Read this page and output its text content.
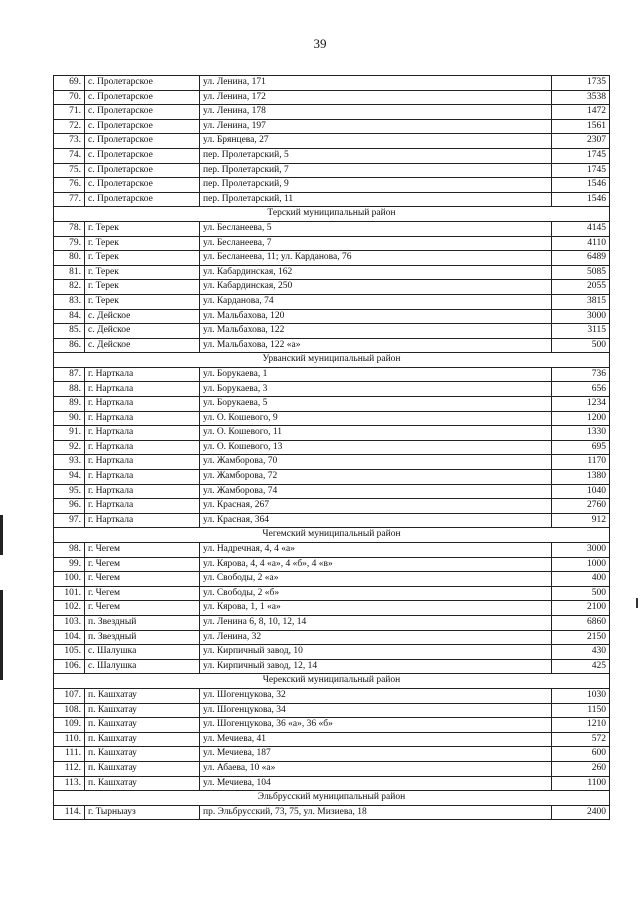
39
69.	с. Пролетарское	ул. Ленина, 171	1735
70.	с. Пролетарское	ул. Ленина, 172	3538
71.	с. Пролетарское	ул. Ленина, 178	1472
72.	с. Пролетарское	ул. Ленина, 197	1561
73.	с. Пролетарское	ул. Брянцева, 27	2307
74.	с. Пролетарское	пер. Пролетарский, 5	1745
75.	с. Пролетарское	пер. Пролетарский, 7	1745
76.	с. Пролетарское	пер. Пролетарский, 9	1546
77.	с. Пролетарское	пер. Пролетарский, 11	1546
Терский муниципальный район			
78.	г. Терек	ул. Бесланеева, 5	4145
79.	г. Терек	ул. Бесланеева, 7	4110
80.	г. Терек	ул. Бесланеева, 11; ул. Карданова, 76	6489
81.	г. Терек	ул. Кабардинская, 162	5085
82.	г. Терек	ул. Кабардинская, 250	2055
83.	г. Терек	ул. Карданова, 74	3815
84.	с. Дейское	ул. Мальбахова, 120	3000
85.	с. Дейское	ул. Мальбахова, 122	3115
86.	с. Дейское	ул. Мальбахова, 122 «а»	500
Урванский муниципальный район			
87.	г. Нарткала	ул. Борукаева, 1	736
88.	г. Нарткала	ул. Борукаева, 3	656
89.	г. Нарткала	ул. Борукаева, 5	1234
90.	г. Нарткала	ул. О. Кошевого, 9	1200
91.	г. Нарткала	ул. О. Кошевого, 11	1330
92.	г. Нарткала	ул. О. Кошевого, 13	695
93.	г. Нарткала	ул. Жамборова, 70	1170
94.	г. Нарткала	ул. Жамборова, 72	1380
95.	г. Нарткала	ул. Жамборова, 74	1040
96.	г. Нарткала	ул. Красная, 267	2760
97.	г. Нарткала	ул. Красная, 364	912
Чегемский муниципальный район			
98.	г. Чегем	ул. Надречная, 4, 4 «а»	3000
99.	г. Чегем	ул. Кярова, 4, 4 «а», 4 «б», 4 «в»	1000
100.	г. Чегем	ул. Свободы, 2 «а»	400
101.	г. Чегем	ул. Свободы, 2 «б»	500
102.	г. Чегем	ул. Кярова, 1, 1 «а»	2100
103.	п. Звездный	ул. Ленина 6, 8, 10, 12, 14	6860
104.	п. Звездный	ул. Ленина, 32	2150
105.	с. Шалушка	ул. Кирпичный завод, 10	430
106.	с. Шалушка	ул. Кирпичный завод, 12, 14	425
Черекский муниципальный район			
107.	п. Кашхатау	ул. Шогенцукова, 32	1030
108.	п. Кашхатау	ул. Шогенцукова, 34	1150
109.	п. Кашхатау	ул. Шогенцукова, 36 «а», 36 «б»	1210
110.	п. Кашхатау	ул. Мечиева, 41	572
111.	п. Кашхатау	ул. Мечиева, 187	600
112.	п. Кашхатау	ул. Абаева, 10 «а»	260
113.	п. Кашхатау	ул. Мечиева, 104	1100
Эльбрусский муниципальный район			
114.	г. Тырныауз	пр. Эльбрусский, 73, 75, ул. Мизиева, 18	2400
